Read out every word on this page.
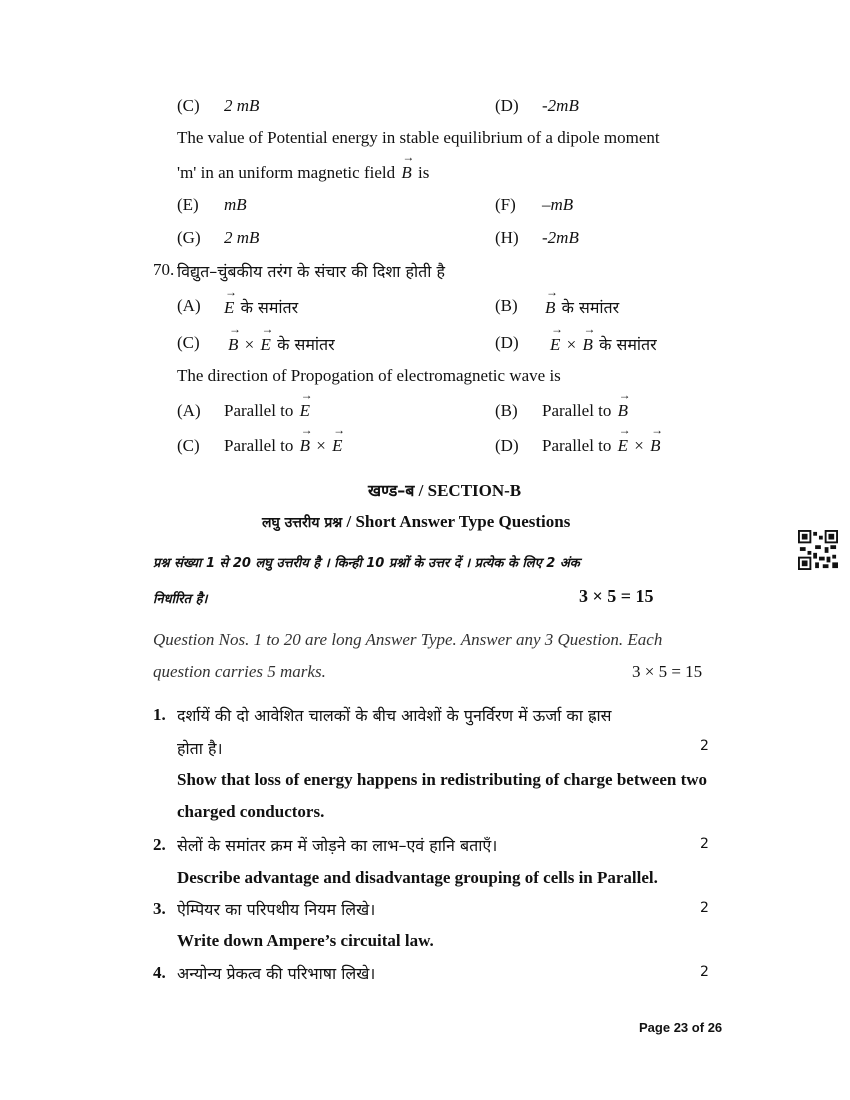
(C) 2 mB	(D) -2mB
The value of Potential energy in stable equilibrium of a dipole moment
'm' in an uniform magnetic field → B is
(E) mB	(F) –mB
(G) 2 mB	(H) -2mB
70. विद्युत–चुंबकीय तरंग के संचार की दिशा होती है
(A) → E के समांतर	(B) → B के समांतर
(C) → B × → E के समांतर	(D) → E × → B के समांतर
The direction of Propogation of electromagnetic wave is
(A) Parallel to → E	(B) Parallel to → B
(C) Parallel to → B × → E	(D) Parallel to → E × → B
खण्ड–ब / SECTION-B
लघु उत्तरीय प्रश्न / Short Answer Type Questions
प्रश्न संख्या 1 से 20 लघु उत्तरीय है । किन्ही 10 प्रश्नों के उत्तर दें । प्रत्येक के लिए 2 अंक
निर्धारित है।	3 × 5 = 15
Question Nos. 1 to 20 are long Answer Type. Answer any 3 Question. Each
question carries 5 marks.	3 × 5 = 15
1. दर्शायें की दो आवेशित चालकों के बीच आवेशों के पुनर्विरण में ऊर्जा का ह्रास
होता है।	2
Show that loss of energy happens in redistributing of charge between two
charged conductors.
2. सेलों के समांतर क्रम में जोड़ने का लाभ–एवं हानि बताएँ।	2
Describe advantage and disadvantage grouping of cells in Parallel.
3. ऐम्पियर का परिपथीय नियम लिखे।	2
Write down Ampere’s circuital law.
4. अन्योन्य प्रेकत्व की परिभाषा लिखे।	2
Page 23 of 26
